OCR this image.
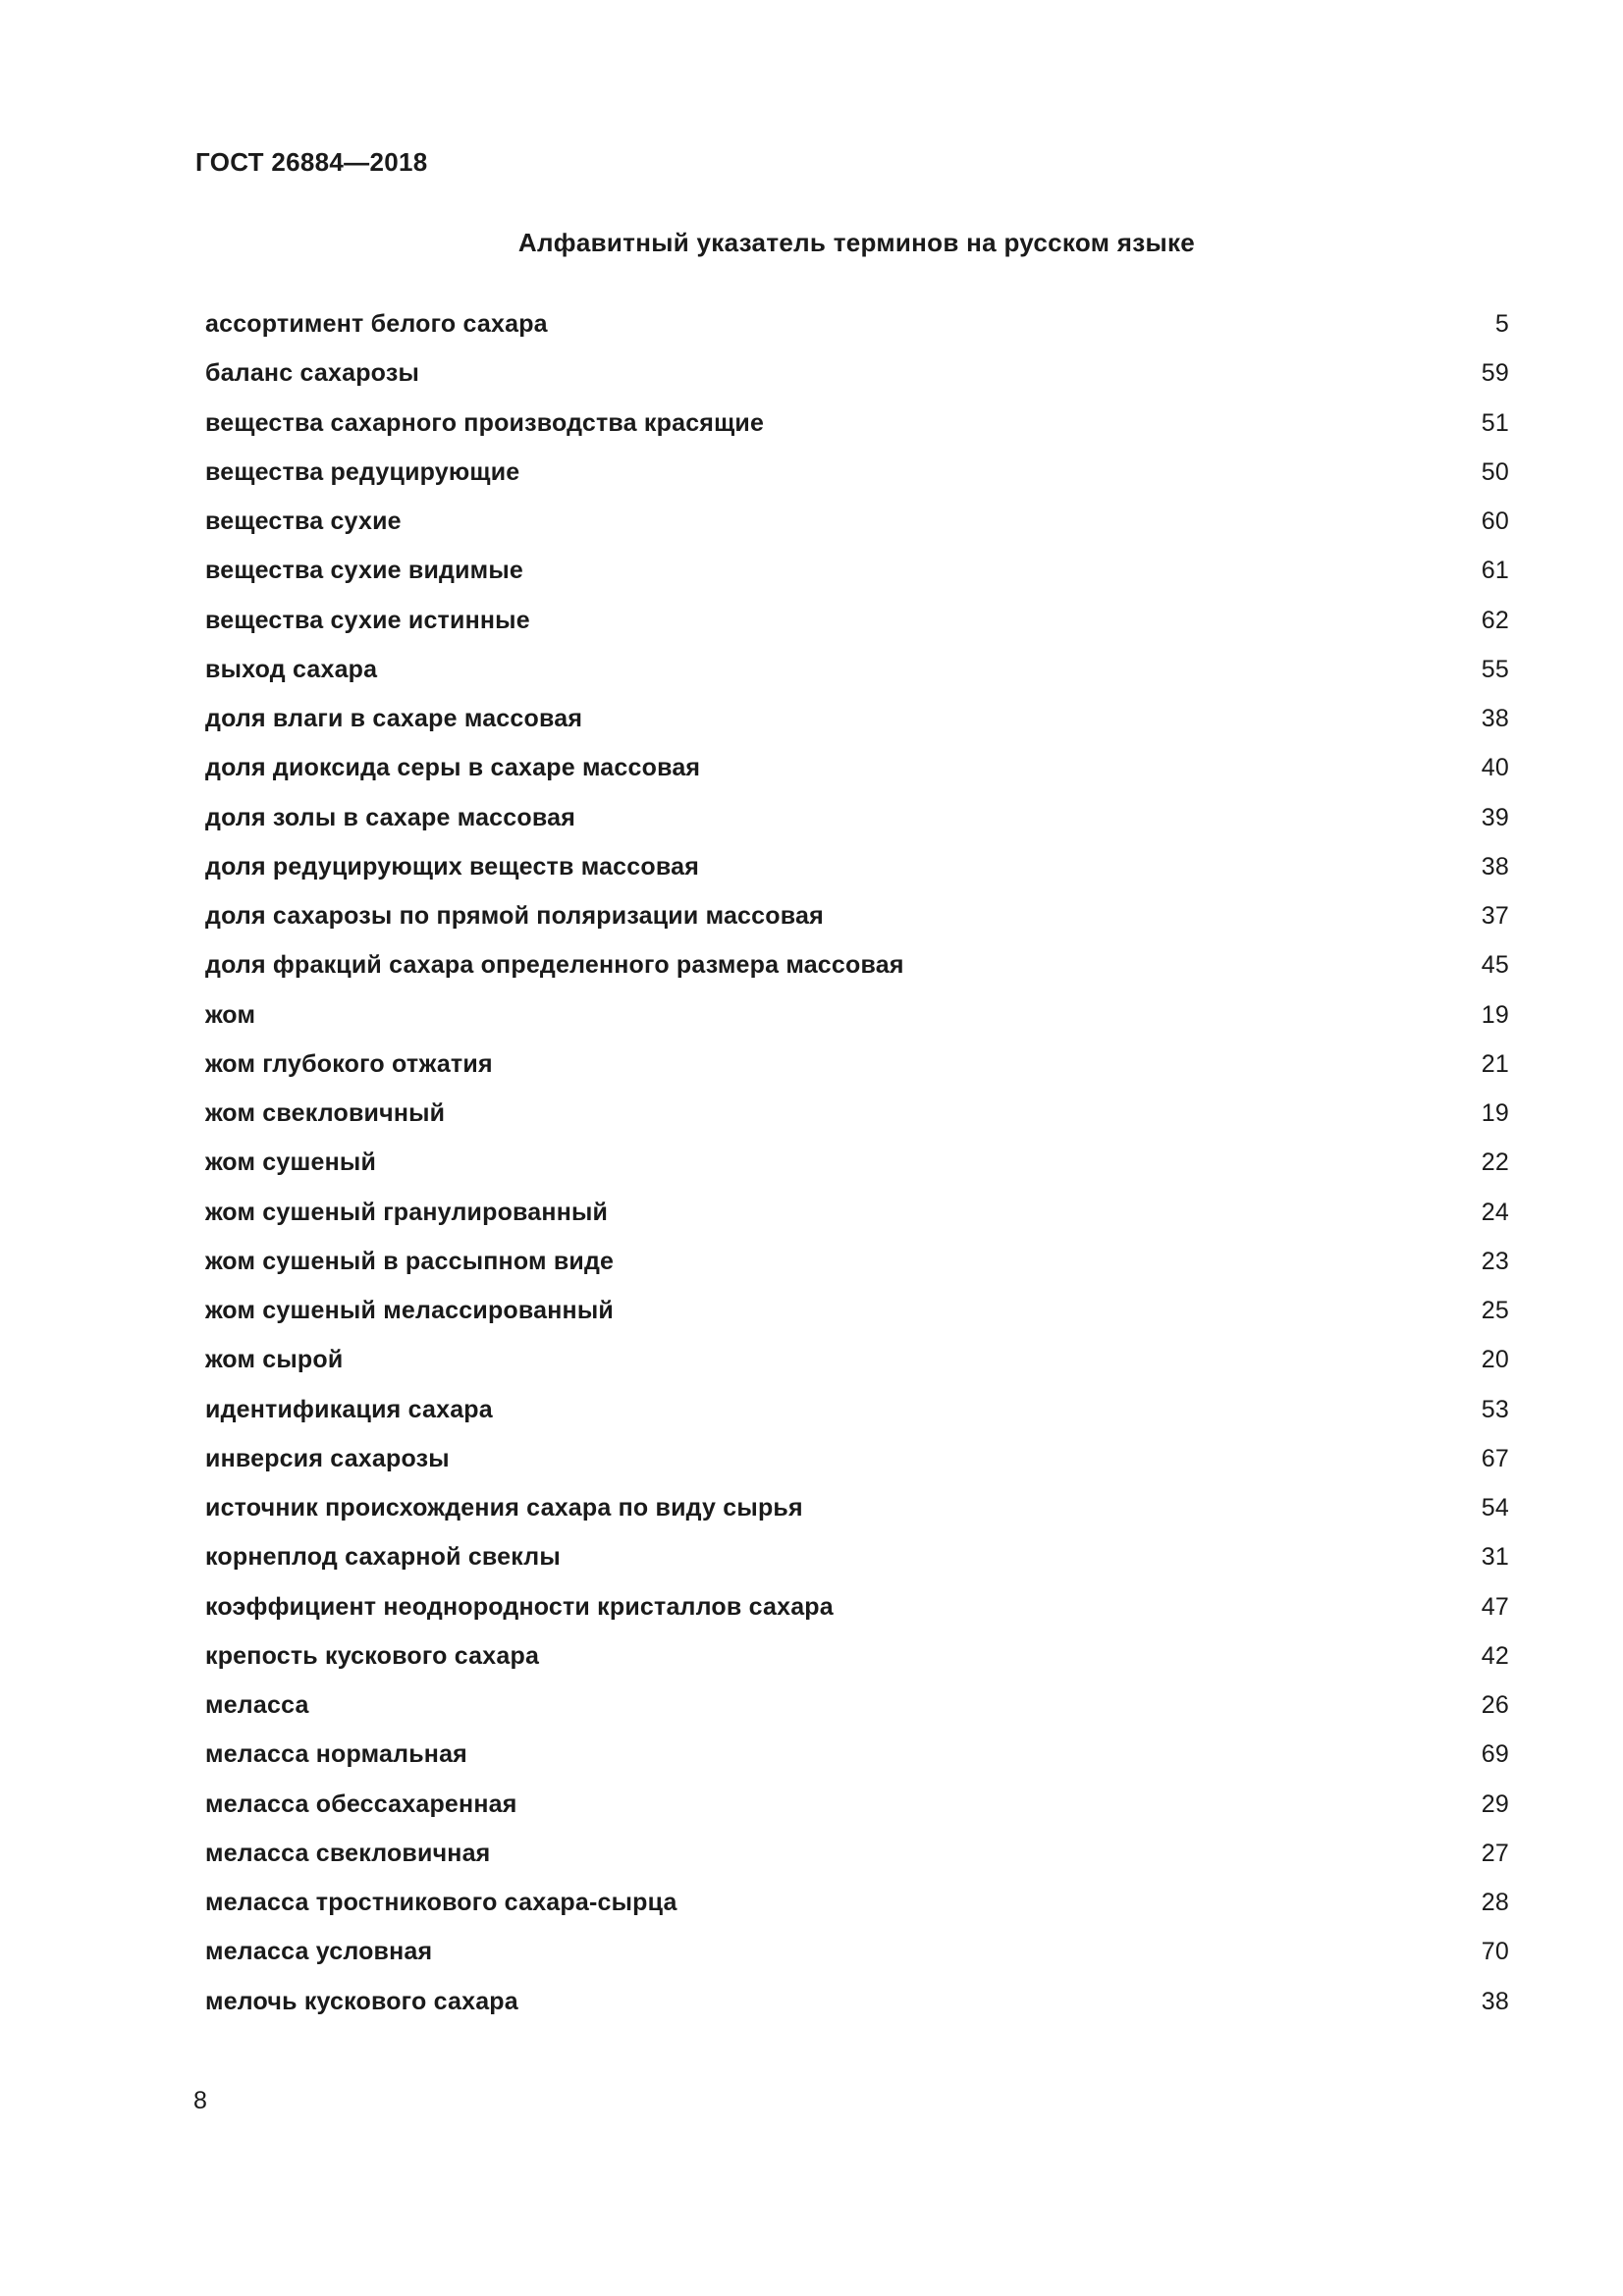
ГОСТ 26884—2018
Алфавитный указатель терминов на русском языке
ассортимент белого сахара	5
баланс сахарозы	59
вещества сахарного производства красящие	51
вещества редуцирующие	50
вещества сухие	60
вещества сухие видимые	61
вещества сухие истинные	62
выход сахара	55
доля влаги в сахаре массовая	38
доля диоксида серы в сахаре массовая	40
доля золы в сахаре массовая	39
доля редуцирующих веществ массовая	38
доля сахарозы по прямой поляризации массовая	37
доля фракций сахара определенного размера массовая	45
жом	19
жом глубокого отжатия	21
жом свекловичный	19
жом сушеный	22
жом сушеный гранулированный	24
жом сушеный в рассыпном виде	23
жом сушеный мелассированный	25
жом сырой	20
идентификация сахара	53
инверсия сахарозы	67
источник происхождения сахара по виду сырья	54
корнеплод сахарной свеклы	31
коэффициент неоднородности кристаллов сахара	47
крепость кускового сахара	42
меласса	26
меласса нормальная	69
меласса обессахаренная	29
меласса свекловичная	27
меласса тростникового сахара-сырца	28
меласса условная	70
мелочь кускового сахара	38
8
